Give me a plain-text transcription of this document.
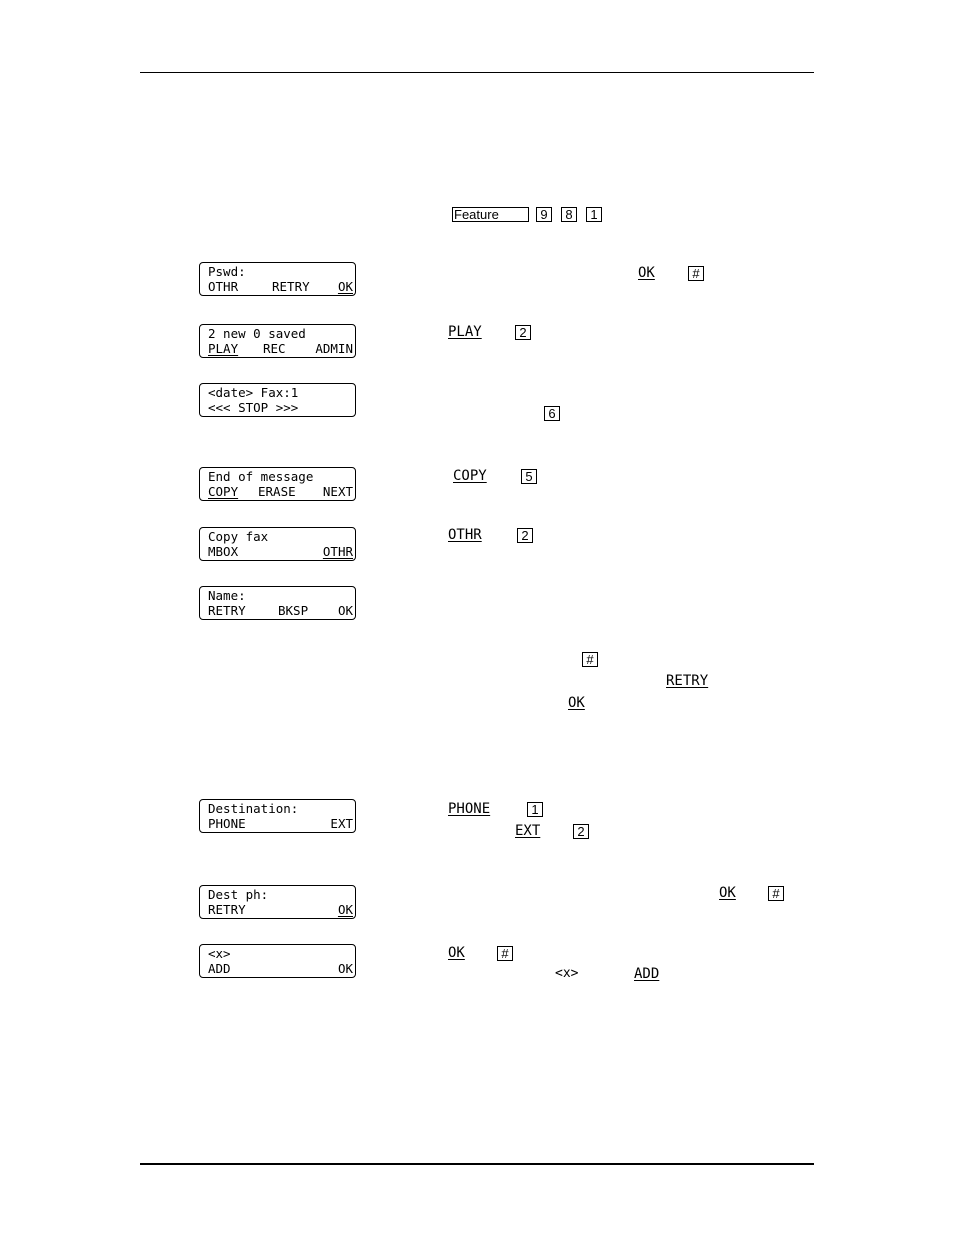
Feature	9	8	1
Pswd:
OTHR	RETRY OK
OK	#
2 new 0 saved
PLAY REC ADMIN
PLAY	2
<date> Fax:1
<<< STOP >>>	6
End of message
COPY ERASE NEXT
COPY	5
Copy fax
MBOX	OTHR
OTHR	2
Name:
RETRY	BKSP OK
#
RETRY
OK
Destination:
PHONE	EXT
PHONE	1
EXT	2
Dest ph:
RETRY	OK
OK	#
<x>
ADD	OK
OK	#
<x>	ADD
